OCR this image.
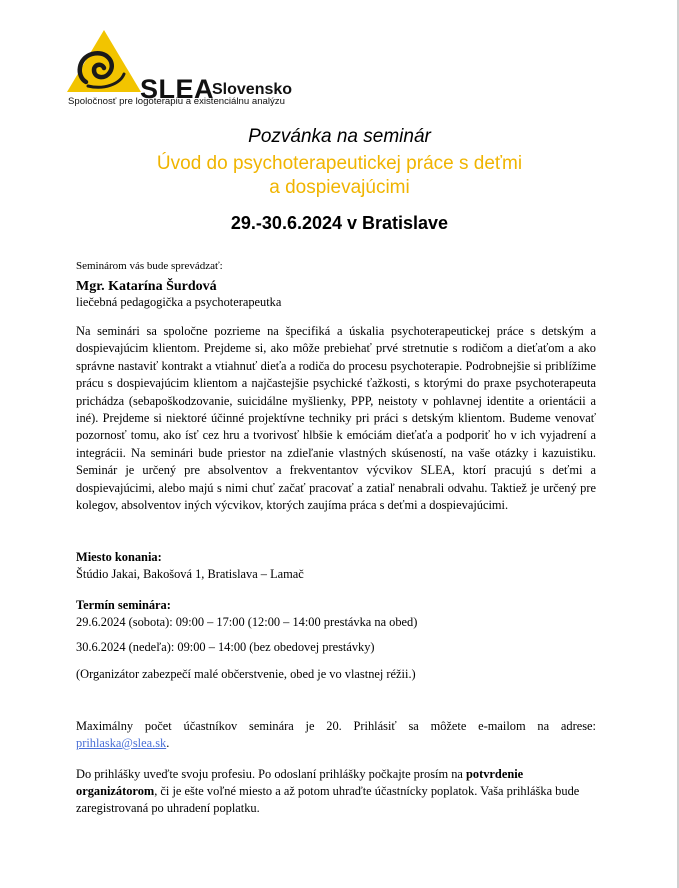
SLEA
Slovensko
Spoločnosť pre logoterapiu a existenciálnu analýzu
Pozvánka na seminár
Úvod do psychoterapeutickej práce s deťmi
a dospievajúcimi
29.-30.6.2024 v Bratislave
Seminárom vás bude sprevádzať:
Mgr. Katarína Šurdová
liečebná pedagogička a psychoterapeutka
Na seminári sa spoločne pozrieme na špecifiká a úskalia psychoterapeutickej práce s detským a dospievajúcim klientom. Prejdeme si, ako môže prebiehať prvé stretnutie s rodičom a dieťaťom a ako správne nastaviť kontrakt a vtiahnuť dieťa a rodiča do procesu psychoterapie. Podrobnejšie si priblížime prácu s dospievajúcim klientom a najčastejšie psychické ťažkosti, s ktorými do praxe psychoterapeuta prichádza (sebapoškodzovanie, suicidálne myšlienky, PPP, neistoty v pohlavnej identite a orientácii a iné). Prejdeme si niektoré účinné projektívne techniky pri práci s detským klientom. Budeme venovať pozornosť tomu, ako ísť cez hru a tvorivosť hlbšie k emóciám dieťaťa a podporiť ho v ich vyjadrení a integrácii. Na seminári bude priestor na zdieľanie vlastných skúseností, na vaše otázky i kazuistiku. Seminár je určený pre absolventov a frekventantov výcvikov SLEA, ktorí pracujú s deťmi a dospievajúcimi, alebo majú s nimi chuť začať pracovať a zatiaľ nenabrali odvahu. Taktiež je určený pre kolegov, absolventov iných výcvikov, ktorých zaujíma práca s deťmi a dospievajúcimi.
Miesto konania:
Štúdio Jakai, Bakošová 1, Bratislava – Lamač
Termín seminára:
29.6.2024 (sobota): 09:00 – 17:00 (12:00 – 14:00 prestávka na obed)
30.6.2024 (nedeľa): 09:00 – 14:00 (bez obedovej prestávky)
(Organizátor zabezpečí malé občerstvenie, obed je vo vlastnej réžii.)
Maximálny počet účastníkov seminára je 20. Prihlásiť sa môžete e-mailom na adrese: prihlaska@slea.sk.
Do prihlášky uveďte svoju profesiu. Po odoslaní prihlášky počkajte prosím na potvrdenie organizátorom, či je ešte voľné miesto a až potom uhraďte účastnícky poplatok. Vaša prihláška bude zaregistrovaná po uhradení poplatku.
